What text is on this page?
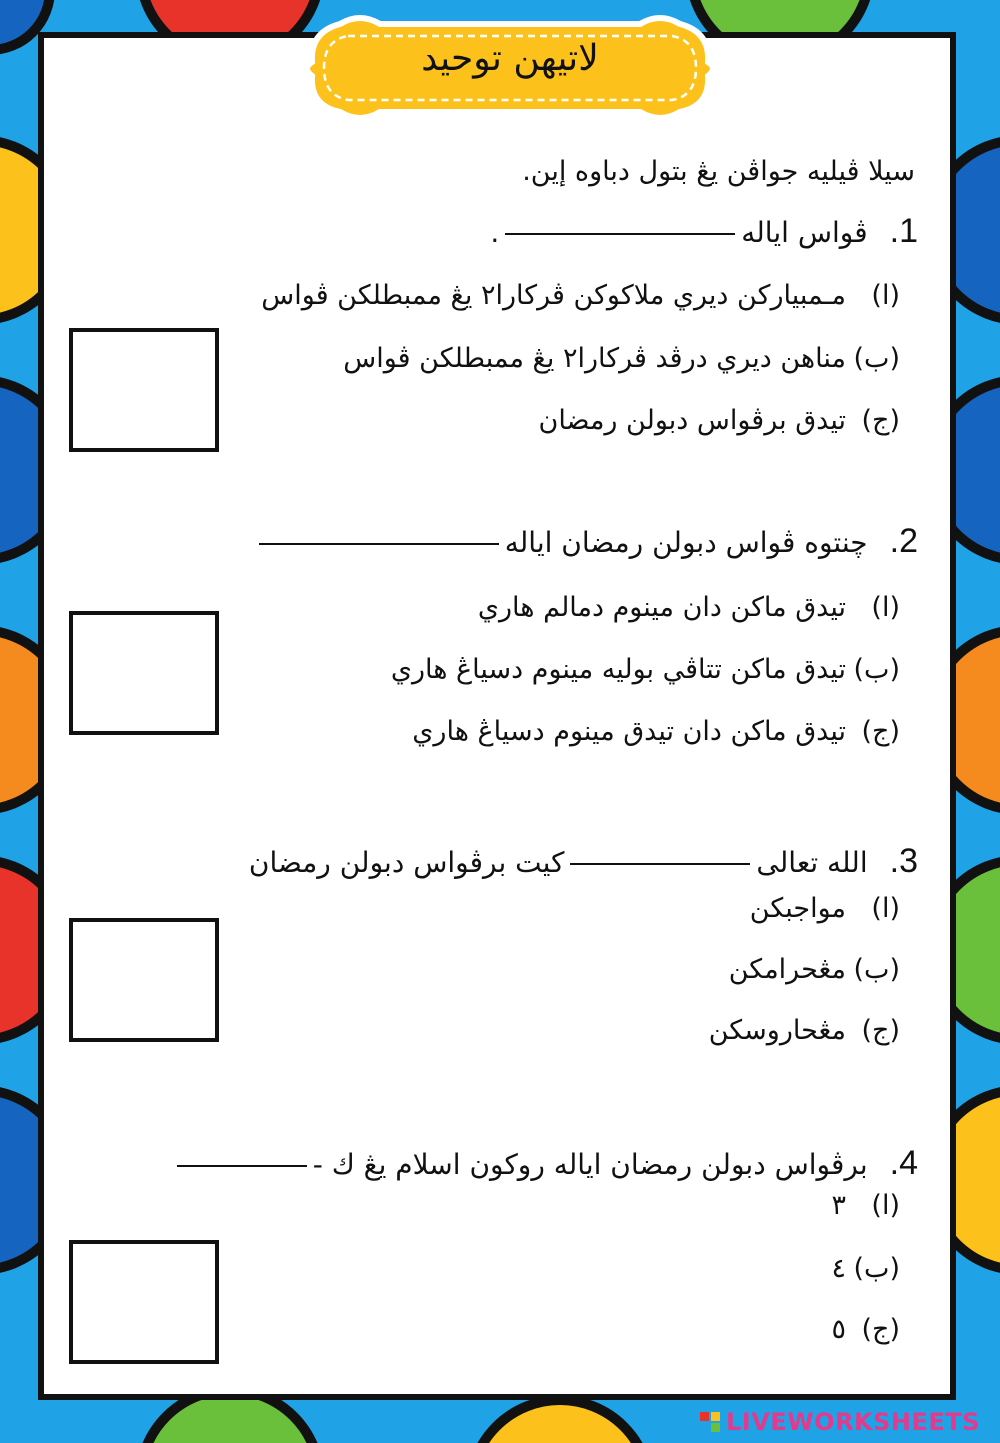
لاتيهن توحيد
سيلا ڤيليه جواڤن يڠ بتول دباوه إين.
1.ڤواس اياله.
(ا)مـمبياركن ديري ملاكوكن ڤركارا٢ يڠ ممبطلكن ڤواس
(ب)مناهن ديري درڤد ڤركارا٢ يڠ ممبطلكن ڤواس
(ج)تيدق برڤواس دبولن رمضان
2.چنتوه ڤواس دبولن رمضان اياله
(ا)تيدق ماكن دان مينوم دمالم هاري
(ب)تيدق ماكن تتاڤي بوليه مينوم دسياڠ هاري
(ج)تيدق ماكن دان تيدق مينوم دسياڠ هاري
3.الله تعالىكيت برڤواس دبولن رمضان
(ا)مواجبكن
(ب)مڠحرامكن
(ج)مڠحاروسكن
4.برڤواس دبولن رمضان اياله روكون اسلام يڠ ك -
(ا)٣
(ب)٤
(ج)٥
LIVEWORKSHEETS
